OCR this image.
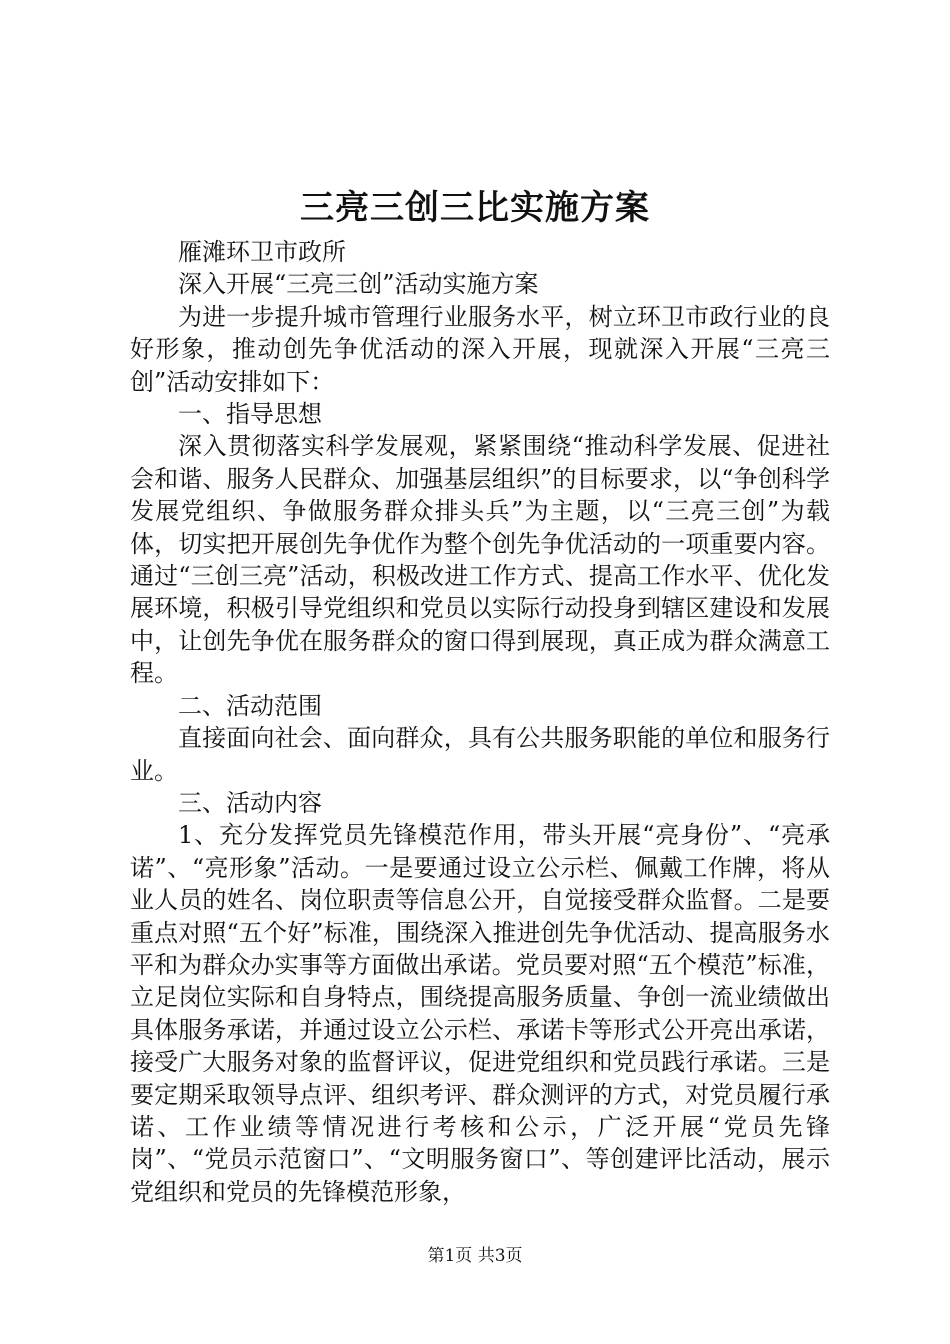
三亮三创三比实施方案

雁滩环卫市政所

深入开展“三亮三创”活动实施方案

为进一步提升城市管理行业服务水平，树立环卫市政行业的良好形象，推动创先争优活动的深入开展，现就深入开展“三亮三创”活动安排如下：

一、指导思想

深入贯彻落实科学发展观，紧紧围绕“推动科学发展、促进社会和谐、服务人民群众、加强基层组织”的目标要求，以“争创科学发展党组织、争做服务群众排头兵”为主题，以“三亮三创”为载体，切实把开展创先争优作为整个创先争优活动的一项重要内容。通过“三创三亮”活动，积极改进工作方式、提高工作水平、优化发展环境，积极引导党组织和党员以实际行动投身到辖区建设和发展中，让创先争优在服务群众的窗口得到展现，真正成为群众满意工程。

二、活动范围

直接面向社会、面向群众，具有公共服务职能的单位和服务行业。

三、活动内容

1、充分发挥党员先锋模范作用，带头开展“亮身份”、“亮承诺”、“亮形象”活动。一是要通过设立公示栏、佩戴工作牌，将从业人员的姓名、岗位职责等信息公开，自觉接受群众监督。二是要重点对照“五个好”标准，围绕深入推进创先争优活动、提高服务水平和为群众办实事等方面做出承诺。党员要对照“五个模范”标准，立足岗位实际和自身特点，围绕提高服务质量、争创一流业绩做出具体服务承诺，并通过设立公示栏、承诺卡等形式公开亮出承诺，接受广大服务对象的监督评议，促进党组织和党员践行承诺。三是要定期采取领导点评、组织考评、群众测评的方式，对党员履行承诺、工作业绩等情况进行考核和公示，广泛开展“党员先锋岗”、“党员示范窗口”、“文明服务窗口”、等创建评比活动，展示党组织和党员的先锋模范形象，

第1页 共3页
